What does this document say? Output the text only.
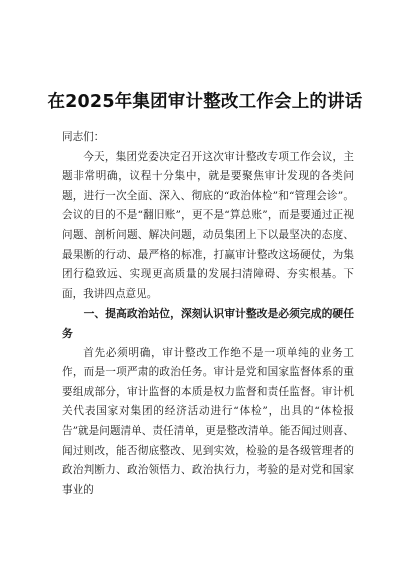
在2025年集团审计整改工作会上的讲话

同志们：

今天，集团党委决定召开这次审计整改专项工作会议，主题非常明确，议程十分集中，就是要聚焦审计发现的各类问题，进行一次全面、深入、彻底的“政治体检”和“管理会诊”。会议的目的不是“翻旧账”，更不是“算总账”，而是要通过正视问题、剖析问题、解决问题，动员集团上下以最坚决的态度、最果断的行动、最严格的标准，打赢审计整改这场硬仗，为集团行稳致远、实现更高质量的发展扫清障碍、夯实根基。下面，我讲四点意见。

一、提高政治站位，深刻认识审计整改是必须完成的硬任务

首先必须明确，审计整改工作绝不是一项单纯的业务工作，而是一项严肃的政治任务。审计是党和国家监督体系的重要组成部分，审计监督的本质是权力监督和责任监督。审计机关代表国家对集团的经济活动进行“体检”，出具的“体检报告”就是问题清单、责任清单，更是整改清单。能否闻过则喜、闻过则改，能否彻底整改、见到实效，检验的是各级管理者的政治判断力、政治领悟力、政治执行力，考验的是对党和国家事业的
